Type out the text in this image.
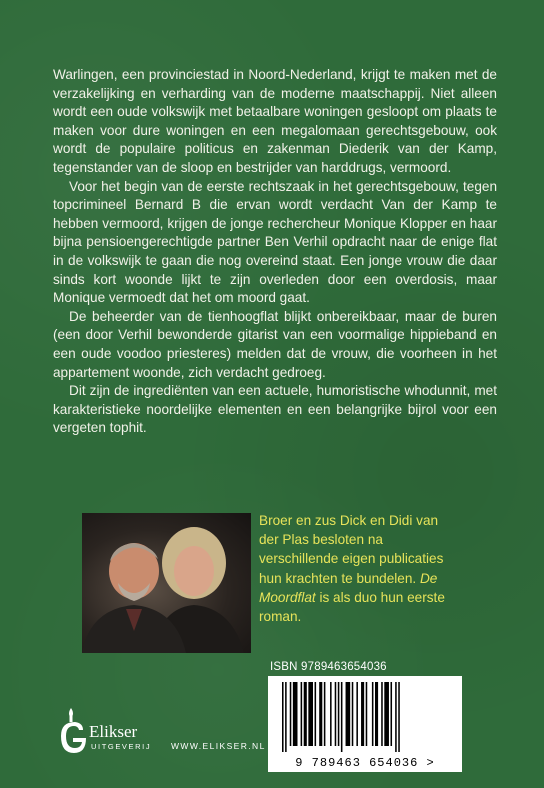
Warlingen, een provinciestad in Noord-Nederland, krijgt te maken met de verzakelijking en verharding van de moderne maatschappij. Niet alleen wordt een oude volkswijk met betaalbare woningen gesloopt om plaats te maken voor dure woningen en een megalomaan gerechtsgebouw, ook wordt de populaire politicus en zakenman Diederik van der Kamp, tegenstander van de sloop en bestrijder van harddrugs, vermoord.

Voor het begin van de eerste rechtszaak in het gerechtsgebouw, tegen topcrimineel Bernard B die ervan wordt verdacht Van der Kamp te hebben vermoord, krijgen de jonge rechercheur Monique Klopper en haar bijna pensioengerechtigde partner Ben Verhil opdracht naar de enige flat in de volkswijk te gaan die nog overeind staat. Een jonge vrouw die daar sinds kort woonde lijkt te zijn overleden door een overdosis, maar Monique vermoedt dat het om moord gaat.

De beheerder van de tienhoogflat blijkt onbereikbaar, maar de buren (een door Verhil bewonderde gitarist van een voormalige hippieband en een oude voodoo priesteres) melden dat de vrouw, die voorheen in het appartement woonde, zich verdacht gedroeg.

Dit zijn de ingrediënten van een actuele, humoristische whodunnit, met karakteristieke noordelijke elementen en een belangrijke bijrol voor een vergeten tophit.

Broer en zus Dick en Didi van der Plas besloten na verschillende eigen publicaties hun krachten te bundelen. De Moordflat is als duo hun eerste roman.
ISBN 9789463654036
9 789463 654036 >
Elikser
UITGEVERIJ WWW.ELIKSER.NL
